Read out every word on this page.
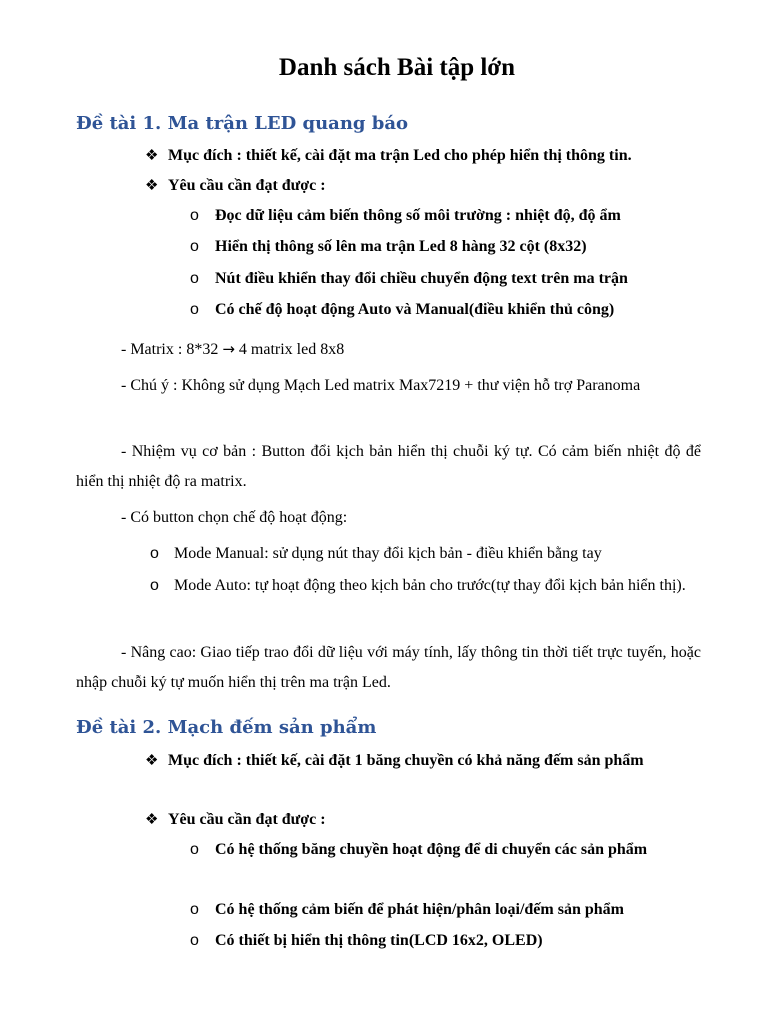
Danh sách Bài tập lớn
Đề tài 1. Ma trận LED quang báo
❖ Mục đích : thiết kế, cài đặt ma trận Led cho phép hiển thị thông tin.
❖ Yêu cầu cần đạt được :
o Đọc dữ liệu cảm biến thông số môi trường : nhiệt độ, độ ẩm
o Hiển thị thông số lên ma trận Led 8 hàng 32 cột (8x32)
o Nút điều khiển thay đổi chiều chuyển động text trên ma trận
o Có chế độ hoạt động Auto và Manual(điều khiển thủ công)

- Matrix : 8*32 → 4 matrix led 8x8

- Chú ý : Không sử dụng Mạch Led matrix Max7219 + thư viện hỗ trợ Paranoma

- Nhiệm vụ cơ bản : Button đổi kịch bản hiển thị chuỗi ký tự. Có cảm biến nhiệt độ để hiển thị nhiệt độ ra matrix.

- Có button chọn chế độ hoạt động:

o Mode Manual: sử dụng nút thay đổi kịch bản - điều khiển bằng tay
o Mode Auto: tự hoạt động theo kịch bản cho trước(tự thay đổi kịch bản hiển thị).

- Nâng cao: Giao tiếp trao đổi dữ liệu với máy tính, lấy thông tin thời tiết trực tuyến, hoặc nhập chuỗi ký tự muốn hiển thị trên ma trận Led.

Đề tài 2. Mạch đếm sản phẩm
❖ Mục đích : thiết kế, cài đặt 1 băng chuyền có khả năng đếm sản phẩm
❖ Yêu cầu cần đạt được :
o Có hệ thống băng chuyền hoạt động để di chuyển các sản phẩm
o Có hệ thống cảm biến để phát hiện/phân loại/đếm sản phẩm
o Có thiết bị hiển thị thông tin(LCD 16x2, OLED)
